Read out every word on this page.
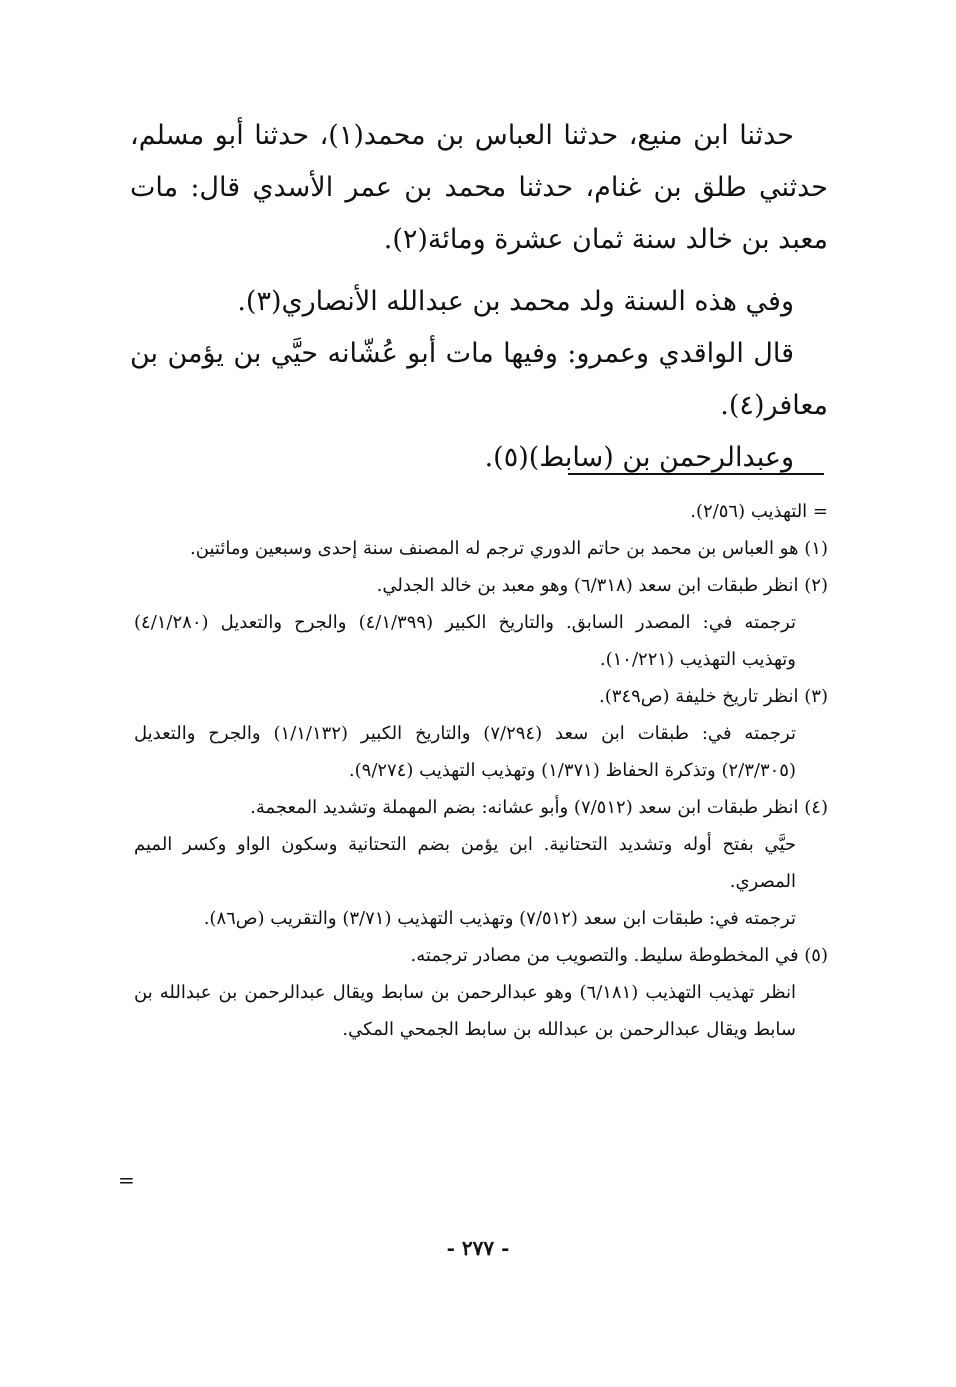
حدثنا ابن منيع، حدثنا العباس بن محمد(١)، حدثنا أبو مسلم، حدثني طلق بن غنام، حدثنا محمد بن عمر الأسدي قال: مات معبد بن خالد سنة ثمان عشرة ومائة(٢).

وفي هذه السنة ولد محمد بن عبدالله الأنصاري(٣).

قال الواقدي وعمرو: وفيها مات أبو عُشّانه حيَّي بن يؤمن بن معافر(٤).

وعبدالرحمن بن (سابط)(٥).

= التهذيب (٢/٥٦).

(١) هو العباس بن محمد بن حاتم الدوري ترجم له المصنف سنة إحدى وسبعين ومائتين.

(٢) انظر طبقات ابن سعد (٦/٣١٨) وهو معبد بن خالد الجدلي.

ترجمته في: المصدر السابق. والتاريخ الكبير (٤/١/٣٩٩) والجرح والتعديل (٤/١/٢٨٠) وتهذيب التهذيب (١٠/٢٢١).

(٣) انظر تاريخ خليفة (ص٣٤٩).

ترجمته في: طبقات ابن سعد (٧/٢٩٤) والتاريخ الكبير (١/١/١٣٢) والجرح والتعديل (٢/٣/٣٠٥) وتذكرة الحفاظ (١/٣٧١) وتهذيب التهذيب (٩/٢٧٤).

(٤) انظر طبقات ابن سعد (٧/٥١٢) وأبو عشانه: بضم المهملة وتشديد المعجمة.

حيَّي بفتح أوله وتشديد التحتانية. ابن يؤمن بضم التحتانية وسكون الواو وكسر الميم المصري.

ترجمته في: طبقات ابن سعد (٧/٥١٢) وتهذيب التهذيب (٣/٧١) والتقريب (ص٨٦).

(٥) في المخطوطة سليط. والتصويب من مصادر ترجمته.

انظر تهذيب التهذيب (٦/١٨١) وهو عبدالرحمن بن سابط ويقال عبدالرحمن بن عبدالله بن سابط ويقال عبدالرحمن بن عبدالله بن سابط الجمحي المكي.

=
- ٢٧٧ -
